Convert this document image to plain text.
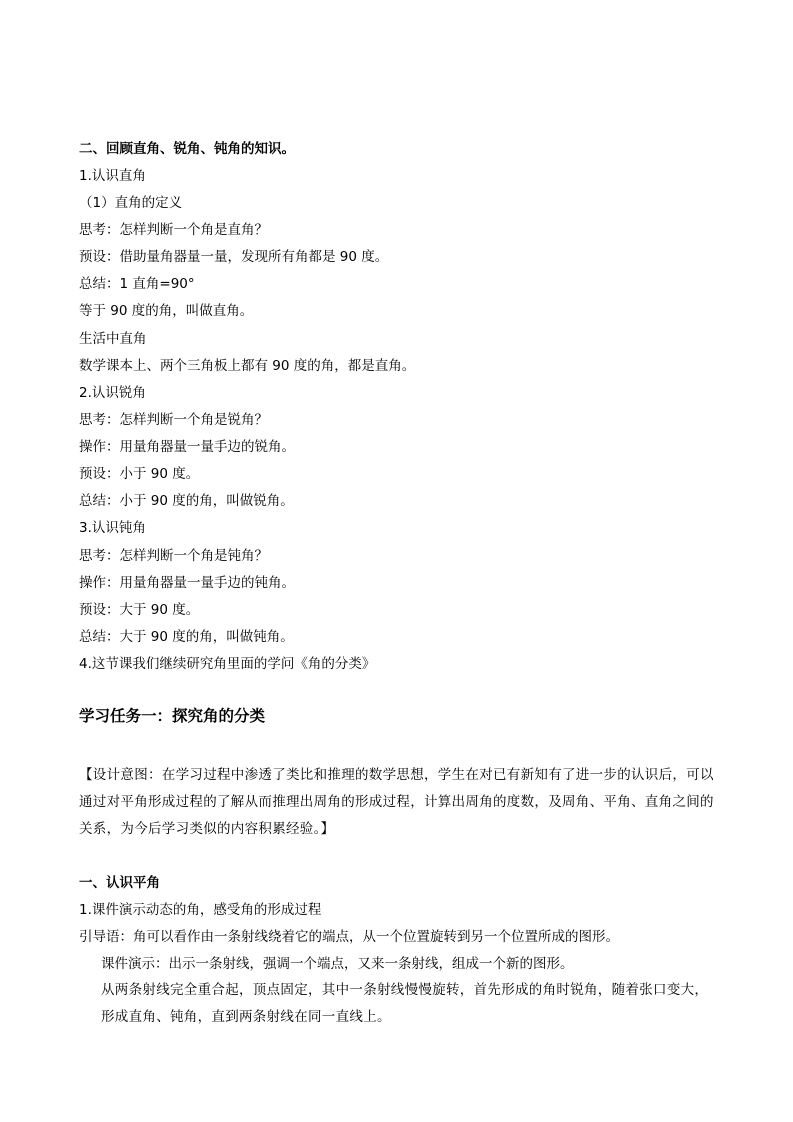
二、回顾直角、锐角、钝角的知识。
1.认识直角
（1）直角的定义
思考：怎样判断一个角是直角？
预设：借助量角器量一量，发现所有角都是 90 度。
总结：1 直角=90°
等于 90 度的角，叫做直角。
生活中直角
数学课本上、两个三角板上都有 90 度的角，都是直角。
2.认识锐角
思考：怎样判断一个角是锐角？
操作：用量角器量一量手边的锐角。
预设：小于 90 度。
总结：小于 90 度的角，叫做锐角。
3.认识钝角
思考：怎样判断一个角是钝角？
操作：用量角器量一量手边的钝角。
预设：大于 90 度。
总结：大于 90 度的角，叫做钝角。
4.这节课我们继续研究角里面的学问《角的分类》
学习任务一：探究角的分类
【设计意图：在学习过程中渗透了类比和推理的数学思想，学生在对已有新知有了进一步的认识后，可以通过对平角形成过程的了解从而推理出周角的形成过程，计算出周角的度数，及周角、平角、直角之间的关系，为今后学习类似的内容积累经验。】
一、认识平角
1.课件演示动态的角，感受角的形成过程
引导语：角可以看作由一条射线绕着它的端点，从一个位置旋转到另一个位置所成的图形。
课件演示：出示一条射线，强调一个端点，又来一条射线，组成一个新的图形。
从两条射线完全重合起，顶点固定，其中一条射线慢慢旋转，首先形成的角时锐角，随着张口变大，形成直角、钝角，直到两条射线在同一直线上。
